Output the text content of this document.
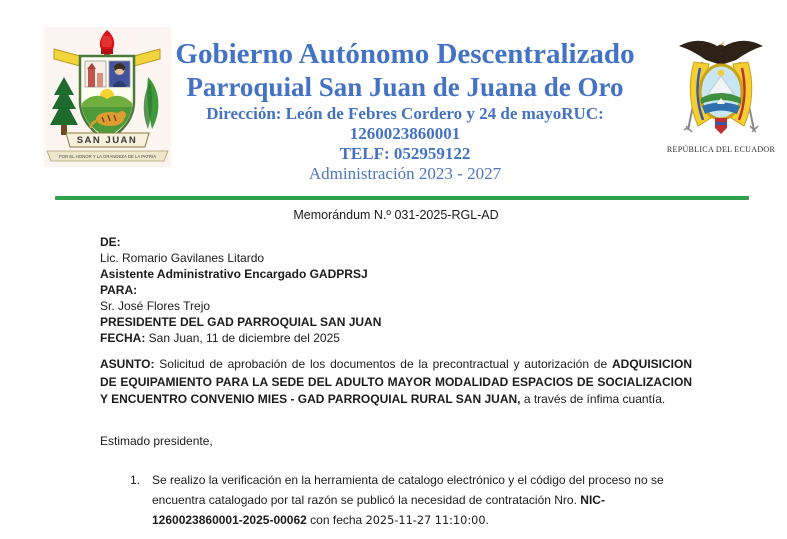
SAN JUAN
POR EL HONOR Y LA GRANDEZA DE LA PATRIA
Gobierno Autónomo Descentralizado
Parroquial San Juan de Juana de Oro
Dirección: León de Febres Cordero y 24 de mayoRUC:
1260023860001
TELF: 052959122
Administración 2023 - 2027
REPÚBLICA DEL ECUADOR
Memorándum N.º 031-2025-RGL-AD
DE:
Lic. Romario Gavilanes Litardo
Asistente Administrativo Encargado GADPRSJ
PARA:
Sr. José Flores Trejo
PRESIDENTE DEL GAD PARROQUIAL SAN JUAN
FECHA: San Juan, 11 de diciembre del 2025
ASUNTO: Solicitud de aprobación de los documentos de la precontractual y autorización de ADQUISICION DE EQUIPAMIENTO PARA LA SEDE DEL ADULTO MAYOR MODALIDAD ESPACIOS DE SOCIALIZACION Y ENCUENTRO CONVENIO MIES - GAD PARROQUIAL RURAL SAN JUAN, a través de ínfima cuantía.
Estimado presidente,
1. Se realizo la verificación en la herramienta de catalogo electrónico y el código del proceso no se encuentra catalogado por tal razón se publicó la necesidad de contratación Nro. NIC-1260023860001-2025-00062 con fecha 2025-11-27 11:10:00.
